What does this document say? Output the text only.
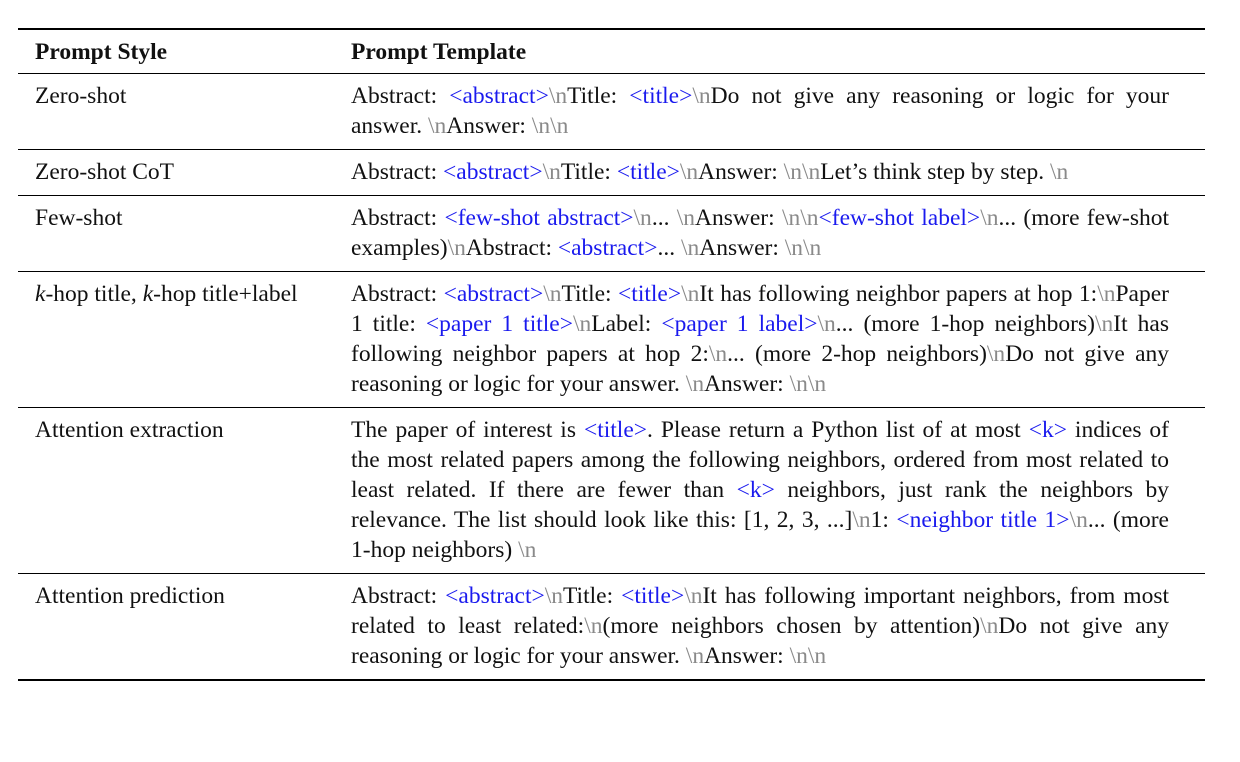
Prompt Style	Prompt Template
Zero-shot	Abstract: <abstract>\nTitle: <title>\nDo not give any reasoning or logic for your answer. \nAnswer: \n\n
Zero-shot CoT	Abstract: <abstract>\nTitle: <title>\nAnswer: \n\nLet’s think step by step. \n
Few-shot	Abstract: <few-shot abstract>\n... \nAnswer: \n\n<few-shot label>\n... (more few-shot examples)\nAbstract: <abstract>... \nAnswer: \n\n
k-hop title, k-hop title+label	Abstract: <abstract>\nTitle: <title>\nIt has following neighbor papers at hop 1:\nPaper 1 title: <paper 1 title>\nLabel: <paper 1 label>\n... (more 1-hop neighbors)\nIt has following neighbor papers at hop 2:\n... (more 2-hop neighbors)\nDo not give any reasoning or logic for your answer. \nAnswer: \n\n
Attention extraction	The paper of interest is <title>. Please return a Python list of at most <k> indices of the most related papers among the following neighbors, ordered from most related to least related. If there are fewer than <k> neighbors, just rank the neighbors by relevance. The list should look like this: [1, 2, 3, ...]\n1: <neighbor title 1>\n... (more 1-hop neighbors) \n
Attention prediction	Abstract: <abstract>\nTitle: <title>\nIt has following important neighbors, from most related to least related:\n(more neighbors chosen by attention)\nDo not give any reasoning or logic for your answer. \nAnswer: \n\n
